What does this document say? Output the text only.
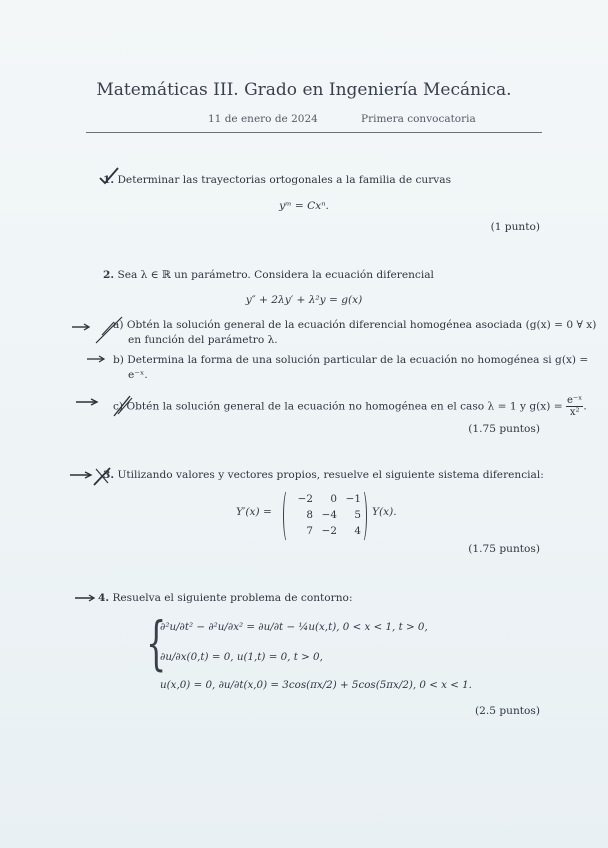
Matemáticas III. Grado en Ingeniería Mecánica.
11 de enero de 2024	Primera convocatoria
1. Determinar las trayectorias ortogonales a la familia de curvas
yᵐ = Cxⁿ.
(1 punto)
2. Sea λ ∈ ℝ un parámetro. Considera la ecuación diferencial
y″ + 2λy′ + λ²y = g(x)
a) Obtén la solución general de la ecuación diferencial homogénea asociada (g(x) = 0 ∀ x)
en función del parámetro λ.
b) Determina la forma de una solución particular de la ecuación no homogénea si g(x) =
e⁻ˣ.
c) Obtén la solución general de la ecuación no homogénea en el caso λ = 1 y $g(x) = \frac{\text{e⁻ˣ}}{\text{x²}}$ .
(1.75 puntos)
3. Utilizando valores y vectores propios, resuelve el siguiente sistema diferencial:
Y′(x) =
−2	0 −1
8 −4	5
7 −2	4
Y(x).
(1.75 puntos)
4. Resuelva el siguiente problema de contorno:
{
∂²u/∂t² − ∂²u/∂x² = ∂u/∂t − ¼u(x,t), 0 < x < 1, t > 0,
∂u/∂x(0,t) = 0, u(1,t) = 0, t > 0,
u(x,0) = 0, ∂u/∂t(x,0) = 3cos(πx/2) + 5cos(5πx/2), 0 < x < 1.
(2.5 puntos)
